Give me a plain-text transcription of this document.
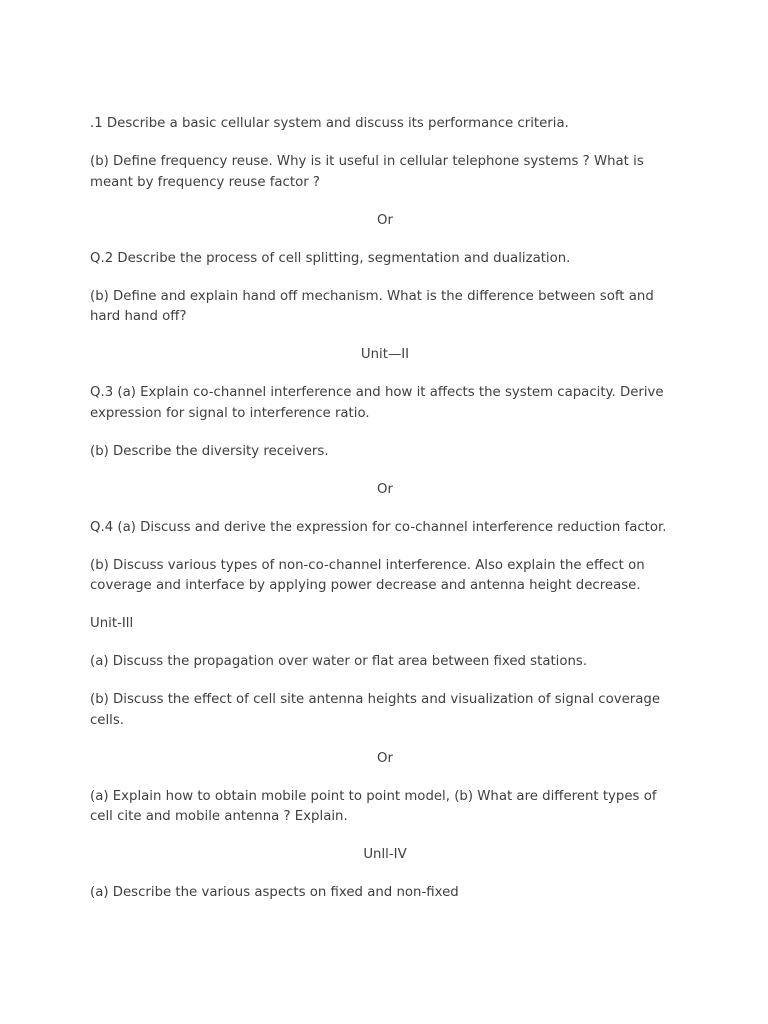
.1 Describe a basic cellular system and discuss its performance criteria.

(b) Define frequency reuse. Why is it useful in cellular telephone systems ? What is meant by frequency reuse factor ?

Or

Q.2 Describe the process of cell splitting, segmentation and dualization.

(b) Define and explain hand off mechanism. What is the difference between soft and hard hand off?

Unit—II

Q.3 (a) Explain co-channel interference and how it affects the system capacity. Derive expression for signal to interference ratio.

(b) Describe the diversity receivers.

Or

Q.4 (a) Discuss and derive the expression for co-channel interference reduction factor.

(b) Discuss various types of non-co-channel interference. Also explain the effect on coverage and interface by applying power decrease and antenna height decrease.

Unit-Ill

(a) Discuss the propagation over water or flat area between fixed stations.

(b) Discuss the effect of cell site antenna heights and visualization of signal coverage cells.

Or

(a) Explain how to obtain mobile point to point model, (b) What are different types of cell cite and mobile antenna ? Explain.

Unll-IV

(a) Describe the various aspects on fixed and non-fixed
